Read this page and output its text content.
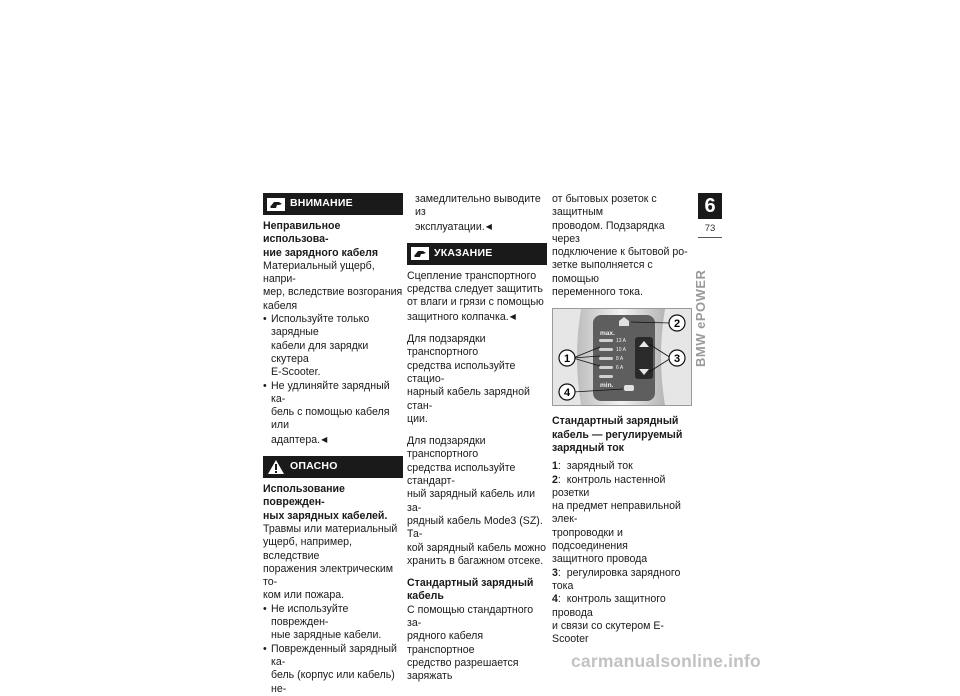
ВНИМАНИЕ

Неправильное использова-

ние зарядного кабеля

Материальный ущерб, напри-

мер, вследствие возгорания

кабеля

• Используйте только зарядные

кабели для зарядки скутера

E-Scooter.

• Не удлиняйте зарядный ка-

бель с помощью кабеля или

адаптера. ◀

ОПАСНО

Использование поврежден-

ных зарядных кабелей.

Травмы или материальный

ущерб, например, вследствие

поражения электрическим то-

ком или пожара.

• Не используйте поврежден-

ные зарядные кабели.

• Поврежденный зарядный ка-

бель (корпус или кабель) не-

замедлительно выводите из

эксплуатации. ◀

УКАЗАНИЕ

Сцепление транспортного

средства следует защитить

от влаги и грязи с помощью

защитного колпачка. ◀

Для подзарядки транспортного

средства используйте стацио-

нарный кабель зарядной стан-

ции.

Для подзарядки транспортного

средства используйте стандарт-

ный зарядный кабель или за-

рядный кабель Mode3 (SZ). Та-

кой зарядный кабель можно

хранить в багажном отсеке.

Стандартный зарядный

кабель

С помощью стандартного за-

рядного кабеля транспортное

средство разрешается заряжать

от бытовых розеток с защитным

проводом. Подзарядка через

подключение к бытовой ро-

зетке выполняется с помощью

переменного тока.

max.
13 A
10 A
8 A
6 A
min.
1
2
3
4

Стандартный зарядный

кабель — регулируемый

зарядный ток

1:  зарядный ток

2:  контроль настенной розетки

на предмет неправильной элек-

тропроводки и подсоединения

защитного провода

3:  регулировка зарядного тока

4:  контроль защитного провода

и связи со скутером E-Scooter

6
73
BMW ePOWER
carmanualsonline.info
